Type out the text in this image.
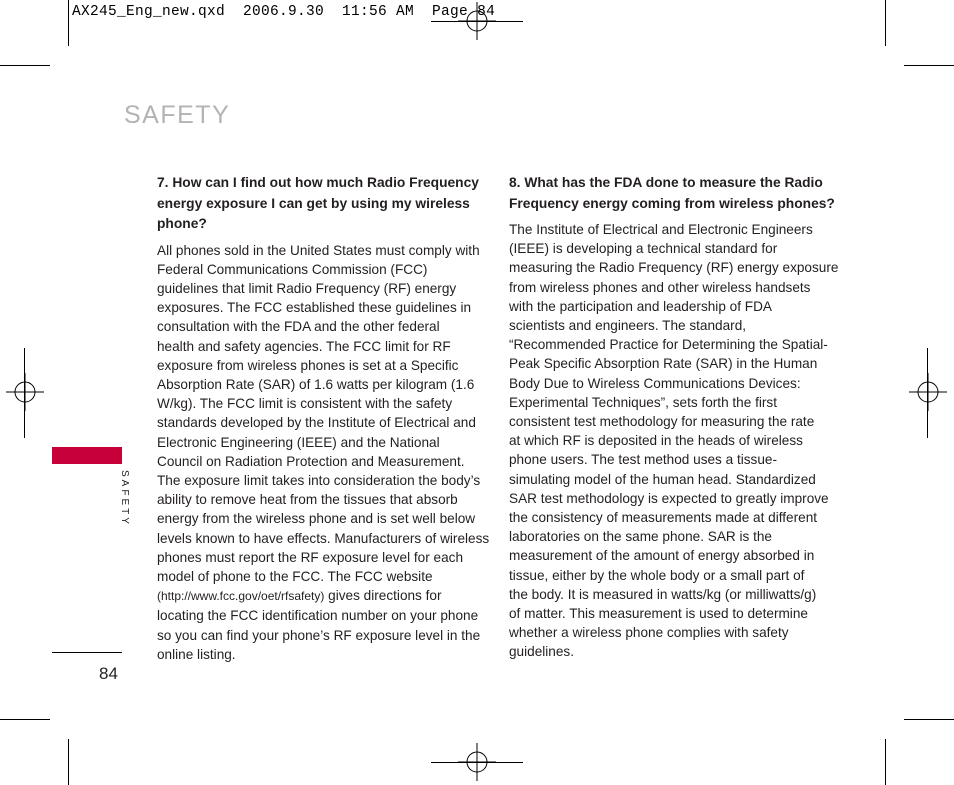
AX245_Eng_new.qxd  2006.9.30  11:56 AM  Page 84
SAFETY
7. How can I find out how much Radio Frequency
energy exposure I can get by using my wireless
phone?
All phones sold in the United States must comply with
Federal Communications Commission (FCC)
guidelines that limit Radio Frequency (RF) energy
exposures. The FCC established these guidelines in
consultation with the FDA and the other federal
health and safety agencies. The FCC limit for RF
exposure from wireless phones is set at a Specific
Absorption Rate (SAR) of 1.6 watts per kilogram (1.6
W/kg). The FCC limit is consistent with the safety
standards developed by the Institute of Electrical and
Electronic Engineering (IEEE) and the National
Council on Radiation Protection and Measurement.
The exposure limit takes into consideration the body’s
ability to remove heat from the tissues that absorb
energy from the wireless phone and is set well below
levels known to have effects. Manufacturers of wireless
phones must report the RF exposure level for each
model of phone to the FCC. The FCC website
(http://www.fcc.gov/oet/rfsafety) gives directions for
locating the FCC identification number on your phone
so you can find your phone’s RF exposure level in the
online listing.
8. What has the FDA done to measure the Radio
Frequency energy coming from wireless phones?
The Institute of Electrical and Electronic Engineers
(IEEE) is developing a technical standard for
measuring the Radio Frequency (RF) energy exposure
from wireless phones and other wireless handsets
with the participation and leadership of FDA
scientists and engineers. The standard,
“Recommended Practice for Determining the Spatial-
Peak Specific Absorption Rate (SAR) in the Human
Body Due to Wireless Communications Devices:
Experimental Techniques”, sets forth the first
consistent test methodology for measuring the rate
at which RF is deposited in the heads of wireless
phone users. The test method uses a tissue-
simulating model of the human head. Standardized
SAR test methodology is expected to greatly improve
the consistency of measurements made at different
laboratories on the same phone. SAR is the
measurement of the amount of energy absorbed in
tissue, either by the whole body or a small part of
the body. It is measured in watts/kg (or milliwatts/g)
of matter. This measurement is used to determine
whether a wireless phone complies with safety
guidelines.
SAFETY
84
